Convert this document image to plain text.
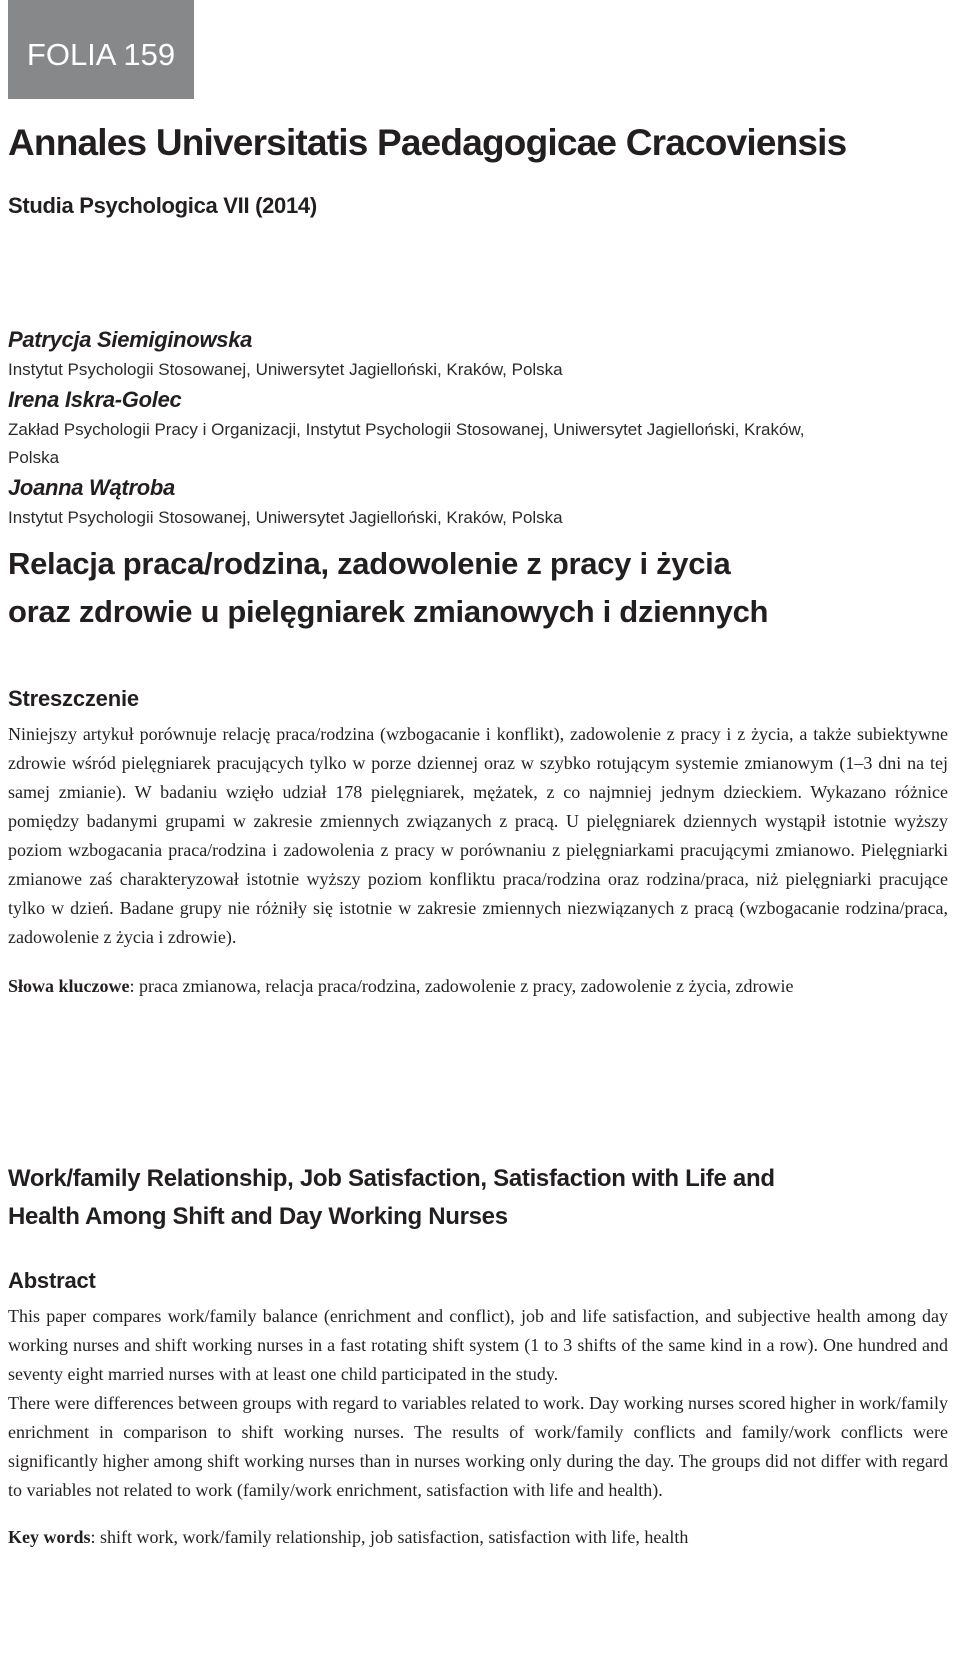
FOLIA 159
Annales Universitatis Paedagogicae Cracoviensis
Studia Psychologica VII (2014)
Patrycja Siemiginowska
Instytut Psychologii Stosowanej, Uniwersytet Jagielloński, Kraków, Polska
Irena Iskra-Golec
Zakład Psychologii Pracy i Organizacji, Instytut Psychologii Stosowanej, Uniwersytet Jagielloński, Kraków, Polska
Joanna Wątroba
Instytut Psychologii Stosowanej, Uniwersytet Jagielloński, Kraków, Polska
Relacja praca/rodzina, zadowolenie z pracy i życia oraz zdrowie u pielęgniarek zmianowych i dziennych
Streszczenie

Niniejszy artykuł porównuje relację praca/rodzina (wzbogacanie i konflikt), zadowolenie z pracy i z życia, a także subiektywne zdrowie wśród pielęgniarek pracujących tylko w porze dziennej oraz w szybko rotującym systemie zmianowym (1–3 dni na tej samej zmianie). W badaniu wzięło udział 178 pielęgniarek, mężatek, z co najmniej jednym dzieckiem. Wykazano różnice pomiędzy badanymi grupami w zakresie zmiennych związanych z pracą. U pielęgniarek dziennych wystąpił istotnie wyższy poziom wzbogacania praca/rodzina i zadowolenia z pracy w porównaniu z pielęgniarkami pracującymi zmianowo. Pielęgniarki zmianowe zaś charakteryzował istotnie wyższy poziom konfliktu praca/rodzina oraz rodzina/praca, niż pielęgniarki pracujące tylko w dzień. Badane grupy nie różniły się istotnie w zakresie zmiennych niezwiązanych z pracą (wzbogacanie rodzina/praca, zadowolenie z życia i zdrowie).

Słowa kluczowe: praca zmianowa, relacja praca/rodzina, zadowolenie z pracy, zadowolenie z życia, zdrowie

Work/family Relationship, Job Satisfaction, Satisfaction with Life and Health Among Shift and Day Working Nurses
Abstract

This paper compares work/family balance (enrichment and conflict), job and life satisfaction, and subjective health among day working nurses and shift working nurses in a fast rotating shift system (1 to 3 shifts of the same kind in a row). One hundred and seventy eight married nurses with at least one child participated in the study.

There were differences between groups with regard to variables related to work. Day working nurses scored higher in work/family enrichment in comparison to shift working nurses. The results of work/family conflicts and family/work conflicts were significantly higher among shift working nurses than in nurses working only during the day. The groups did not differ with regard to variables not related to work (family/work enrichment, satisfaction with life and health).

Key words: shift work, work/family relationship, job satisfaction, satisfaction with life, health
